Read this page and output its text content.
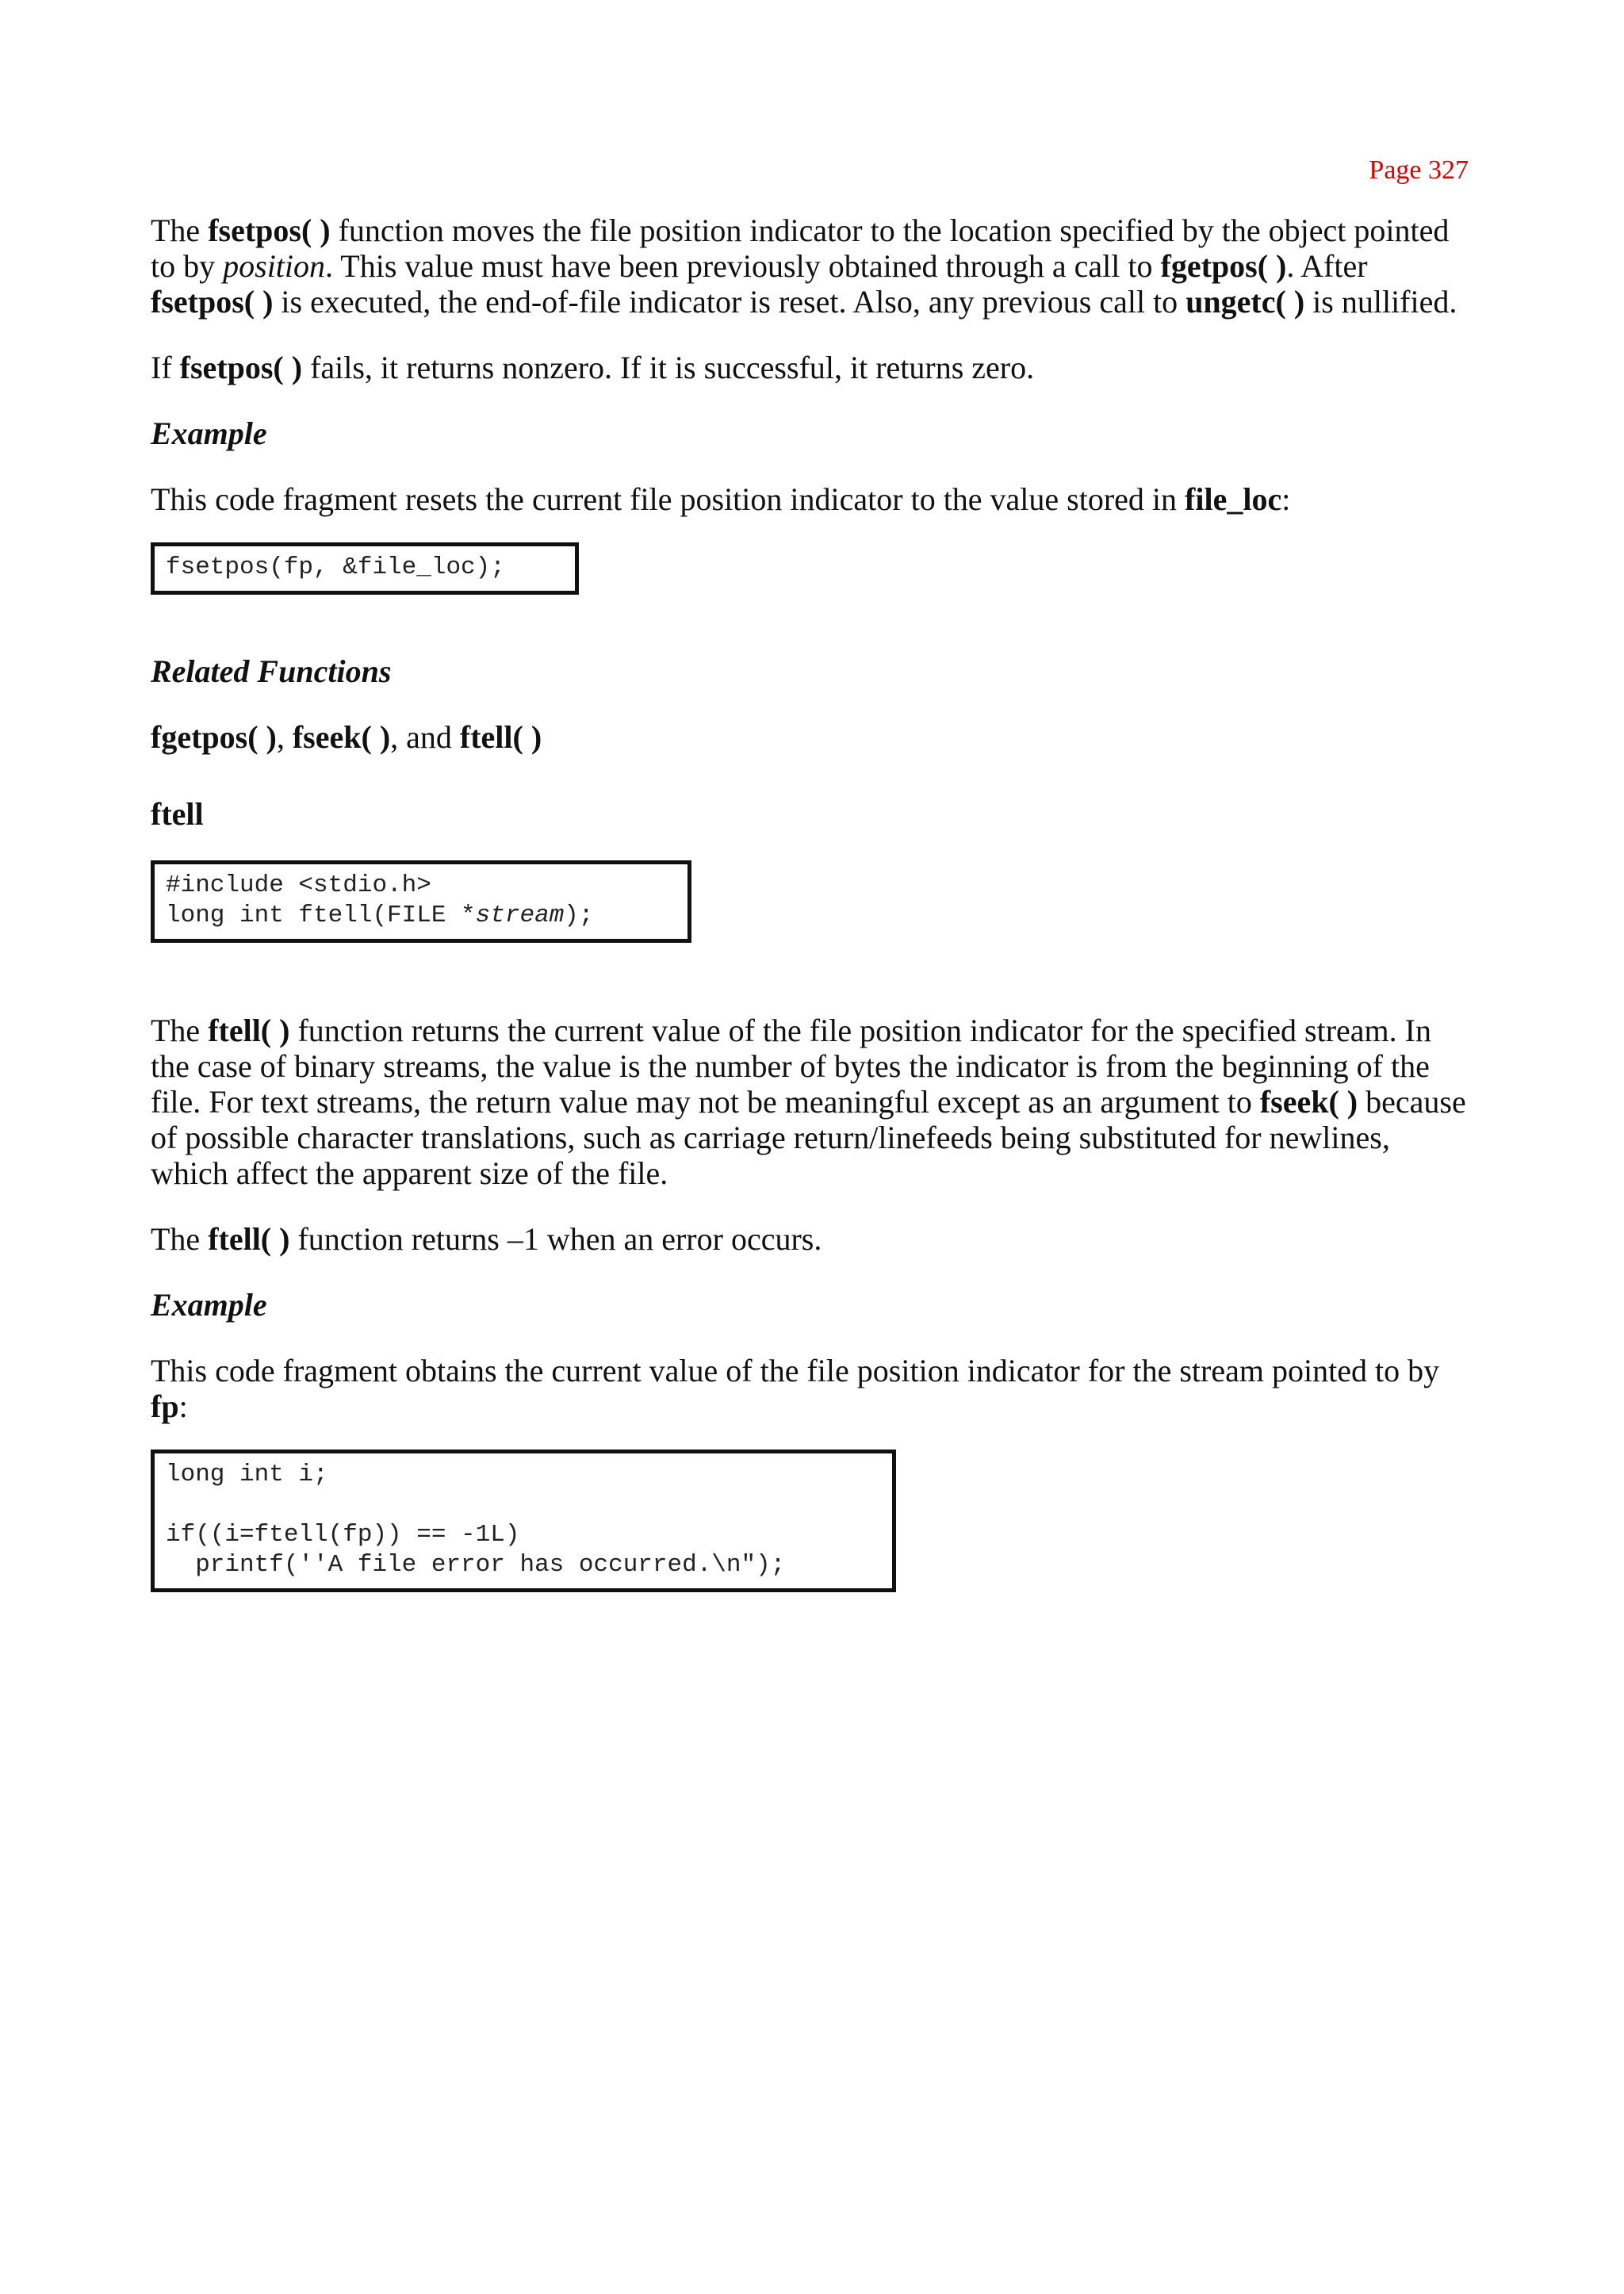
Page 327

The fsetpos( ) function moves the file position indicator to the location specified by the object pointed to by position. This value must have been previously obtained through a call to fgetpos( ). After fsetpos( ) is executed, the end-of-file indicator is reset. Also, any previous call to ungetc( ) is nullified.

If fsetpos( ) fails, it returns nonzero. If it is successful, it returns zero.

Example

This code fragment resets the current file position indicator to the value stored in file_loc:

fsetpos(fp, &file_loc);

Related Functions

fgetpos( ), fseek( ), and ftell( )

ftell

#include <stdio.h>
long int ftell(FILE *stream);

The ftell( ) function returns the current value of the file position indicator for the specified stream. In the case of binary streams, the value is the number of bytes the indicator is from the beginning of the file. For text streams, the return value may not be meaningful except as an argument to fseek( ) because of possible character translations, such as carriage return/linefeeds being substituted for newlines, which affect the apparent size of the file.

The ftell( ) function returns –1 when an error occurs.

Example

This code fragment obtains the current value of the file position indicator for the stream pointed to by fp:

long int i;
if((i=ftell(fp)) == -1L)
printf(''A file error has occurred.\n");
